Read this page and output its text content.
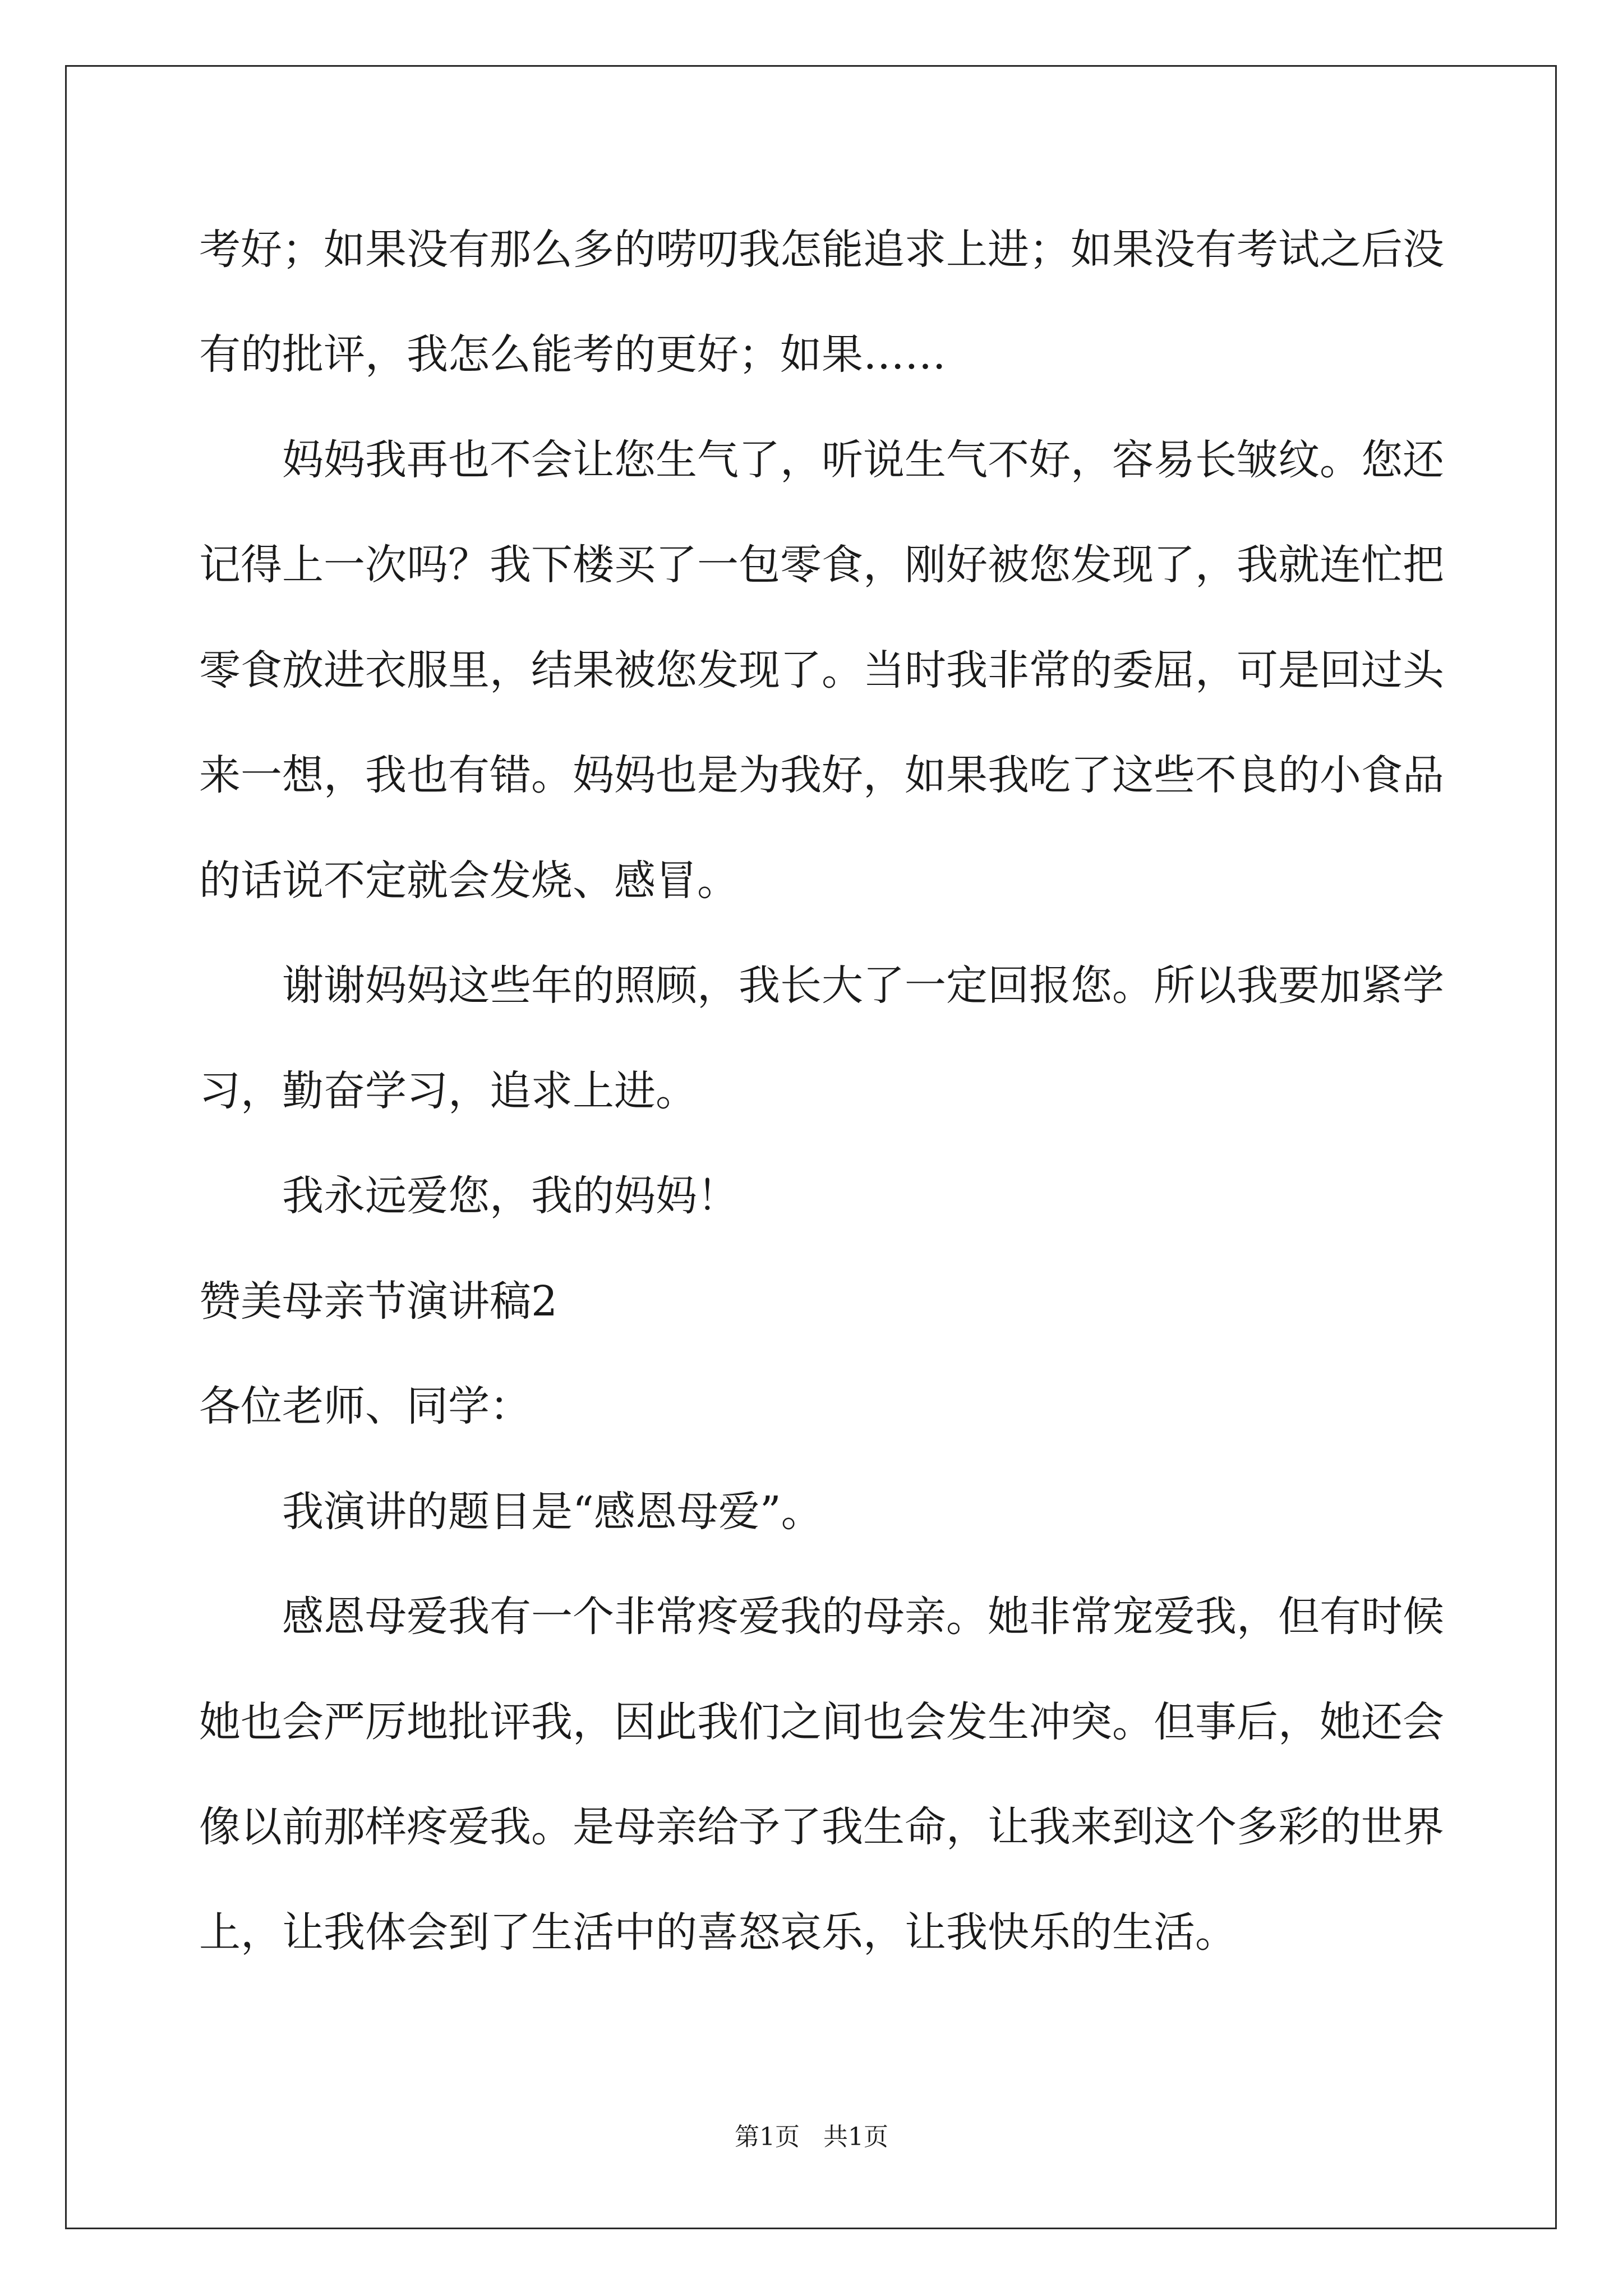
考好；如果没有那么多的唠叨我怎能追求上进；如果没有考试之后没
有的批评，我怎么能考的更好；如果……
妈妈我再也不会让您生气了，听说生气不好，容易长皱纹。您还
记得上一次吗？我下楼买了一包零食，刚好被您发现了，我就连忙把
零食放进衣服里，结果被您发现了。当时我非常的委屈，可是回过头
来一想，我也有错。妈妈也是为我好，如果我吃了这些不良的小食品
的话说不定就会发烧、感冒。
谢谢妈妈这些年的照顾，我长大了一定回报您。所以我要加紧学
习，勤奋学习，追求上进。
我永远爱您，我的妈妈！
赞美母亲节演讲稿2
各位老师、同学：
我演讲的题目是“感恩母爱”。
感恩母爱我有一个非常疼爱我的母亲。她非常宠爱我，但有时候
她也会严厉地批评我，因此我们之间也会发生冲突。但事后，她还会
像以前那样疼爱我。是母亲给予了我生命，让我来到这个多彩的世界
上，让我体会到了生活中的喜怒哀乐，让我快乐的生活。
第1页   共1页
